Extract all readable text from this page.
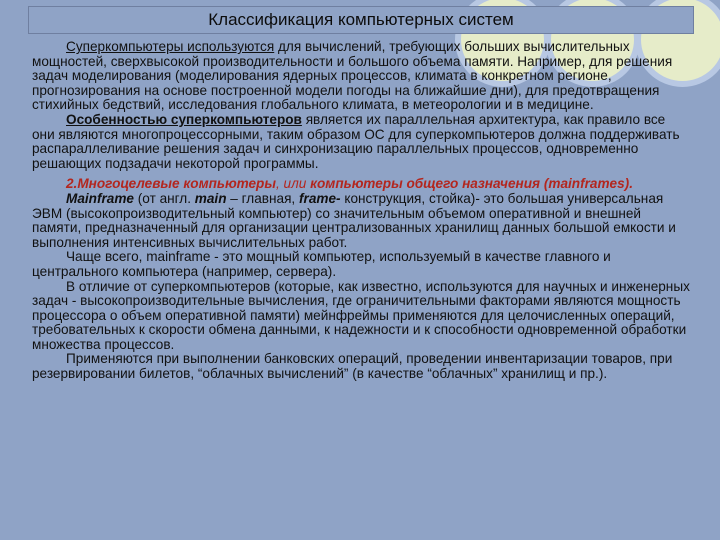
Классификация компьютерных систем

Суперкомпьютеры используются для вычислений, требующих больших вычислительных мощностей, сверхвысокой производительности и большого объема памяти. Например, для решения задач моделирования (моделирования ядерных процессов, климата в конкретном регионе, прогнозирования на основе построенной модели погоды на ближайшие дни), для предотвращения стихийных бедствий, исследования глобального климата, в метеорологии и в медицине.

Особенностью суперкомпьютеров является их параллельная архитектура, как правило все они являются многопроцессорными, таким образом ОС для суперкомпьютеров должна поддерживать распараллеливание решения задач и синхронизацию параллельных процессов, одновременно решающих подзадачи некоторой программы.

2.Многоцелевые компьютеры, или компьютеры общего назначения (mainframes).

Mainframe (от англ. main – главная, frame- конструкция, стойка)- это большая универсальная ЭВМ (высокопроизводительный компьютер) со значительным объемом оперативной и внешней памяти, предназначенный для организации централизованных хранилищ данных большой емкости и выполнения интенсивных вычислительных работ.

Чаще всего, mainframe - это мощный компьютер, используемый в качестве главного и центрального компьютера (например, сервера).

В отличие от суперкомпьютеров (которые, как известно, используются для научных и инженерных задач - высокопроизводительные вычисления, где ограничительными факторами являются мощность процессора о объем оперативной памяти) мейнфреймы применяются для целочисленных операций, требовательных к скорости обмена данными, к надежности и к способности одновременной обработки множества процессов.

Применяются при выполнении банковских операций, проведении инвентаризации товаров, при резервировании билетов, “облачных вычислений” (в качестве “облачных” хранилищ и пр.).
